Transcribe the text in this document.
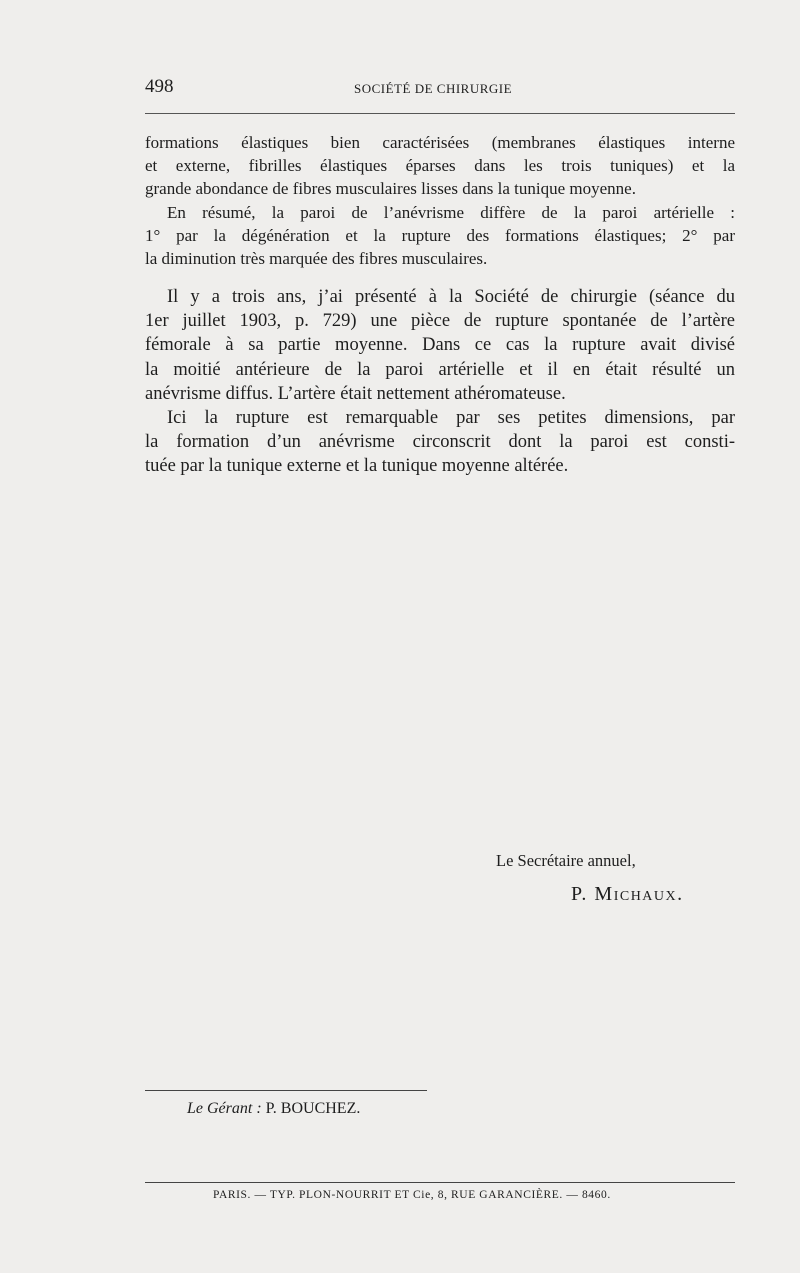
498	SOCIÉTÉ DE CHIRURGIE
formations élastiques bien caractérisées (membranes élastiques interne
et externe, fibrilles élastiques éparses dans les trois tuniques) et la
grande abondance de fibres musculaires lisses dans la tunique moyenne.
En résumé, la paroi de l’anévrisme diffère de la paroi artérielle :
1° par la dégénération et la rupture des formations élastiques; 2° par
la diminution très marquée des fibres musculaires.
Il y a trois ans, j’ai présenté à la Société de chirurgie (séance du
1er juillet 1903, p. 729) une pièce de rupture spontanée de l’artère
fémorale à sa partie moyenne. Dans ce cas la rupture avait divisé
la moitié antérieure de la paroi artérielle et il en était résulté un
anévrisme diffus. L’artère était nettement athéromateuse.
Ici la rupture est remarquable par ses petites dimensions, par
la formation d’un anévrisme circonscrit dont la paroi est consti-
tuée par la tunique externe et la tunique moyenne altérée.
Le Secrétaire annuel,
P. Michaux.
Le Gérant : P. BOUCHEZ.
PARIS. — TYP. PLON-NOURRIT ET Cie, 8, RUE GARANCIÈRE. — 8460.
